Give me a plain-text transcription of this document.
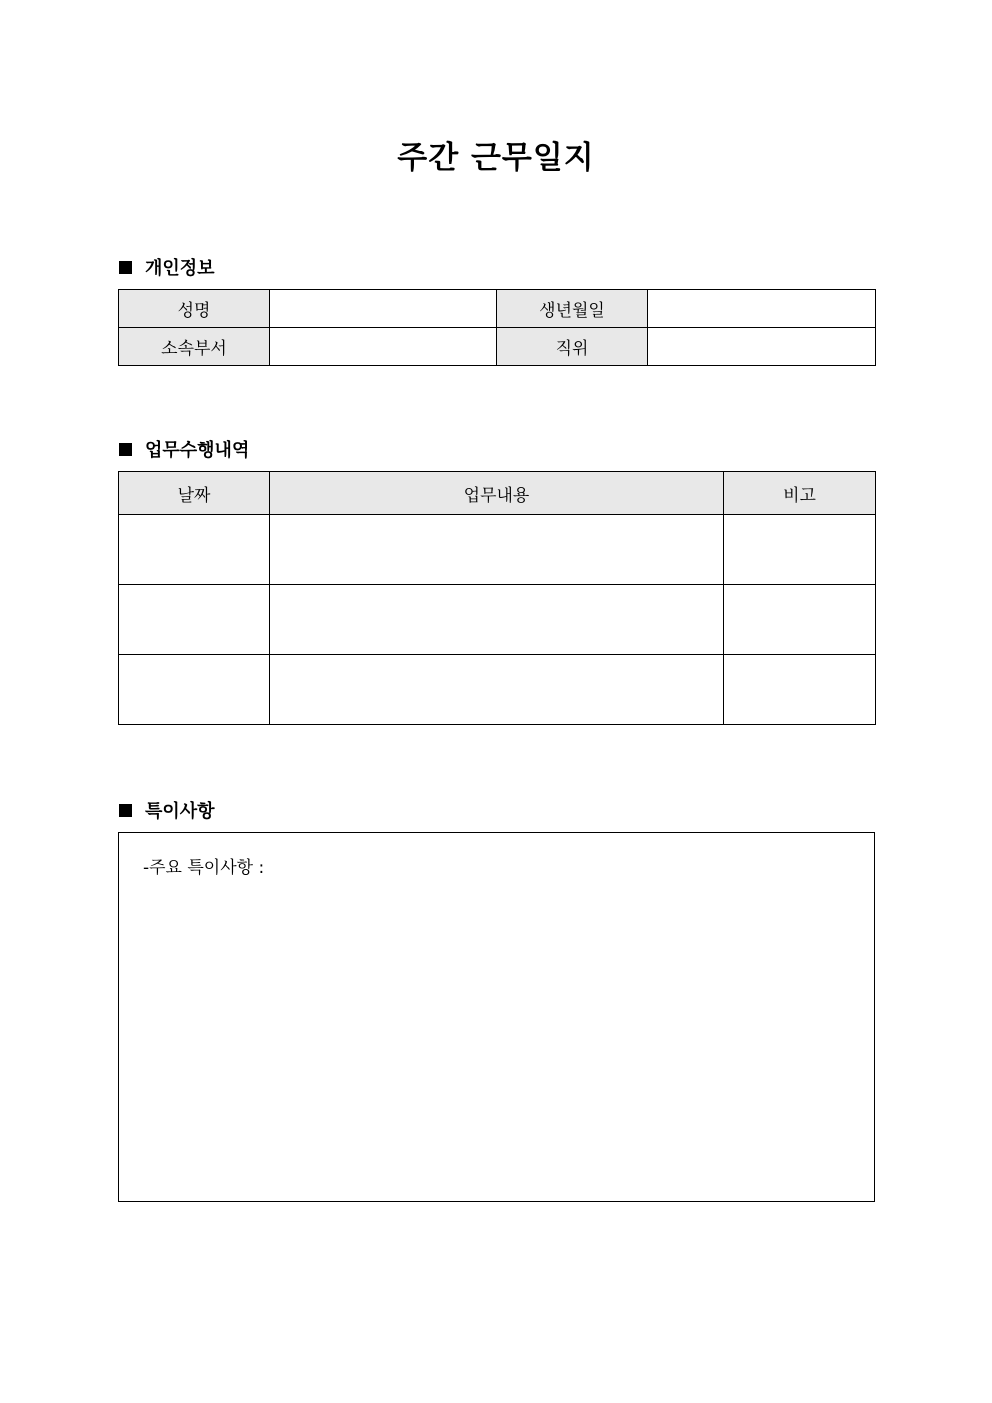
주간 근무일지
개인정보
성명		생년월일	
소속부서		직위	
업무수행내역
날짜	업무내용	비고

특이사항
-주요 특이사항 :
